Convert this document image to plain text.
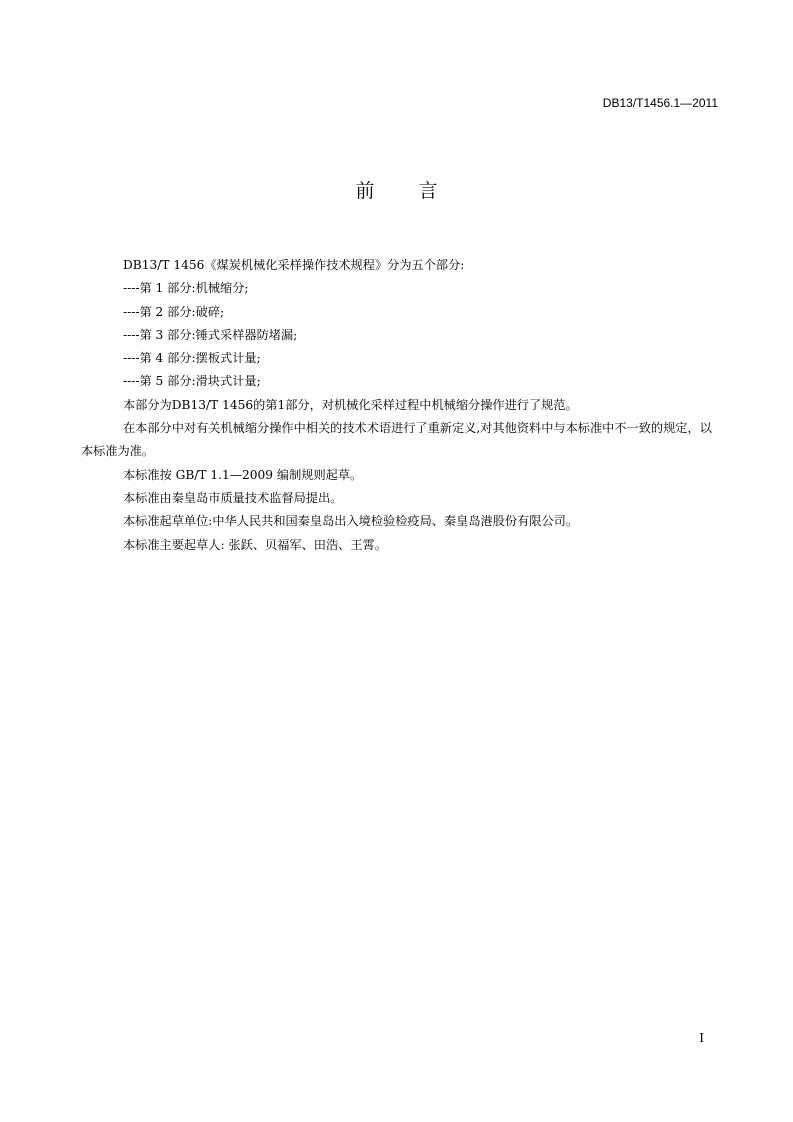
DB13/T1456.1—2011
前言

DB13/T 1456《煤炭机械化采样操作技术规程》分为五个部分:

----第 1 部分:机械缩分;

----第 2 部分:破碎;

----第 3 部分:锤式采样器防堵漏;

----第 4 部分:摆板式计量;

----第 5 部分:滑块式计量;

本部分为DB13/T 1456的第1部分，对机械化采样过程中机械缩分操作进行了规范。

在本部分中对有关机械缩分操作中相关的技术术语进行了重新定义,对其他资料中与本标准中不一致的规定，以本标准为准。

本标准按 GB/T 1.1—2009 编制规则起草。

本标准由秦皇岛市质量技术监督局提出。

本标准起草单位:中华人民共和国秦皇岛出入境检验检疫局、秦皇岛港股份有限公司。

本标准主要起草人: 张跃、贝福军、田浩、王霄。

I
